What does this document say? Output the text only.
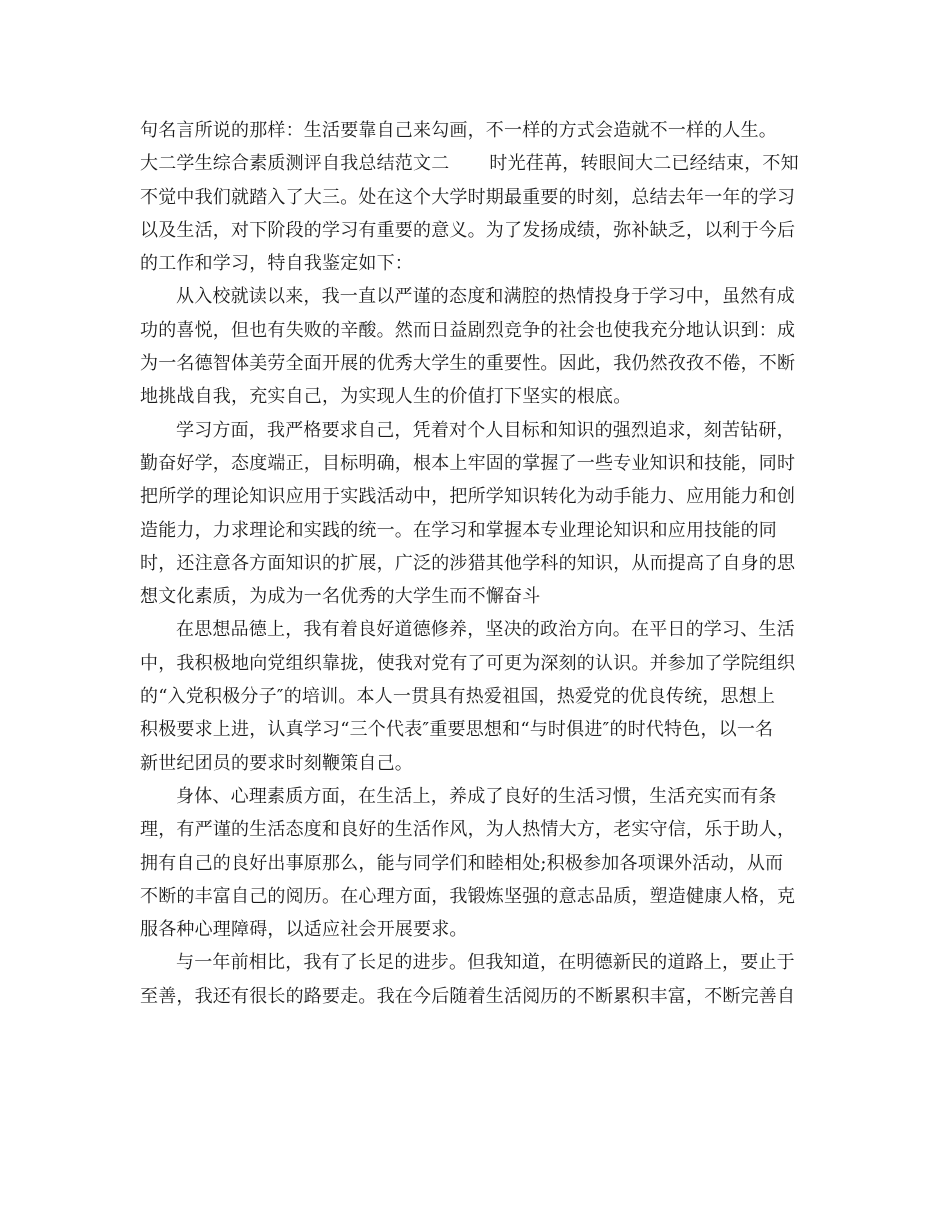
句名言所说的那样：生活要靠自己来勾画，不一样的方式会造就不一样的人生。
大二学生综合素质测评自我总结范文二 时光荏苒，转眼间大二已经结束，不知
不觉中我们就踏入了大三。处在这个大学时期最重要的时刻，总结去年一年的学习
以及生活，对下阶段的学习有重要的意义。为了发扬成绩，弥补缺乏，以利于今后
的工作和学习，特自我鉴定如下：
从入校就读以来，我一直以严谨的态度和满腔的热情投身于学习中，虽然有成
功的喜悦，但也有失败的辛酸。然而日益剧烈竞争的社会也使我充分地认识到：成
为一名德智体美劳全面开展的优秀大学生的重要性。因此，我仍然孜孜不倦，不断
地挑战自我，充实自己，为实现人生的价值打下坚实的根底。
学习方面，我严格要求自己，凭着对个人目标和知识的强烈追求，刻苦钻研，
勤奋好学，态度端正，目标明确，根本上牢固的掌握了一些专业知识和技能，同时
把所学的理论知识应用于实践活动中，把所学知识转化为动手能力、应用能力和创
造能力，力求理论和实践的统一。在学习和掌握本专业理论知识和应用技能的同
时，还注意各方面知识的扩展，广泛的涉猎其他学科的知识，从而提高了自身的思
想文化素质，为成为一名优秀的大学生而不懈奋斗
在思想品德上，我有着良好道德修养，坚决的政治方向。在平日的学习、生活
中，我积极地向党组织靠拢，使我对党有了可更为深刻的认识。并参加了学院组织
的“入党积极分子″的培训。本人一贯具有热爱祖国，热爱党的优良传统，思想上
积极要求上进，认真学习“三个代表″重要思想和“与时俱进″的时代特色，以一名
新世纪团员的要求时刻鞭策自己。
身体、心理素质方面，在生活上，养成了良好的生活习惯，生活充实而有条
理，有严谨的生活态度和良好的生活作风，为人热情大方，老实守信，乐于助人，
拥有自己的良好出事原那么，能与同学们和睦相处;积极参加各项课外活动，从而
不断的丰富自己的阅历。在心理方面，我锻炼坚强的意志品质，塑造健康人格，克
服各种心理障碍，以适应社会开展要求。
与一年前相比，我有了长足的进步。但我知道，在明德新民的道路上，要止于
至善，我还有很长的路要走。我在今后随着生活阅历的不断累积丰富，不断完善自
